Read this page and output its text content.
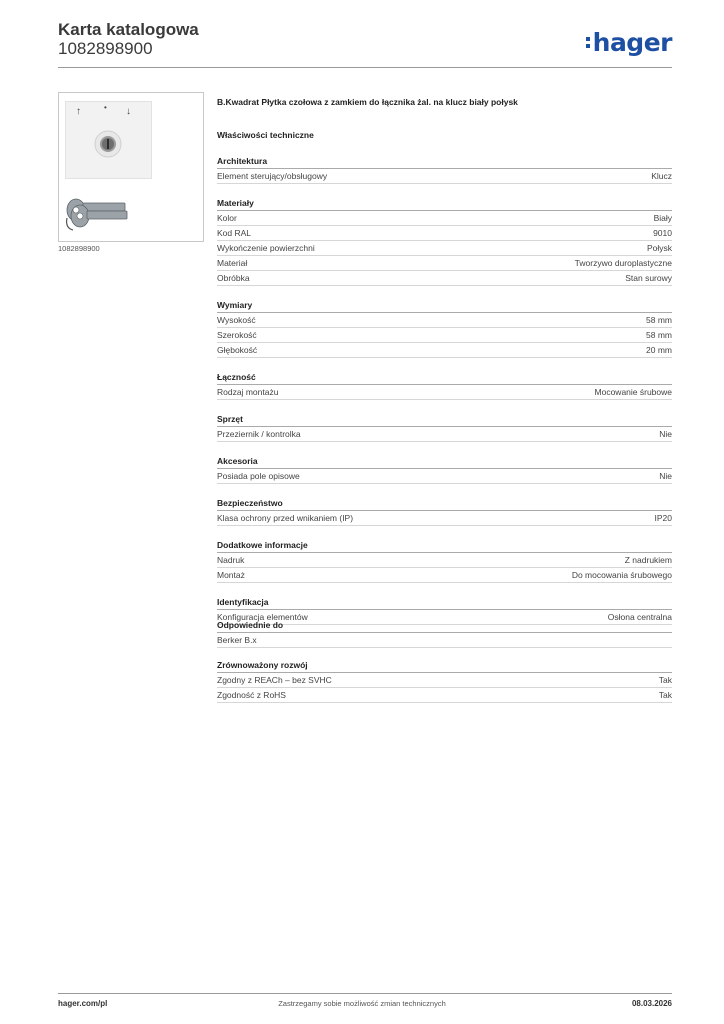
Karta katalogowa
1082898900	hager
↑	• ↓
1082898900
B.Kwadrat Płytka czołowa z zamkiem do łącznika żal. na klucz biały połysk
Właściwości techniczne
Architektura
Element sterujący/obsługowy	Klucz
Materiały
Kolor	Biały
Kod RAL	9010
Wykończenie powierzchni	Połysk
Materiał	Tworzywo duroplastyczne
Obróbka	Stan surowy
Wymiary
Wysokość	58 mm
Szerokość	58 mm
Głębokość	20 mm
Łączność
Rodzaj montażu	Mocowanie śrubowe
Sprzęt
Przeziernik / kontrolka	Nie
Akcesoria
Posiada pole opisowe	Nie
Bezpieczeństwo
Klasa ochrony przed wnikaniem (IP)	IP20
Dodatkowe informacje
Nadruk	Z nadrukiem
Montaż	Do mocowania śrubowego
Identyfikacja
Konfiguracja elementów	Osłona centralna
Odpowiednie do
Berker B.x
Zrównoważony rozwój
Zgodny z REACh – bez SVHC	Tak
Zgodność z RoHS	Tak
hager.com/pl	Zastrzegamy sobie możliwość zmian technicznych	08.03.2026
